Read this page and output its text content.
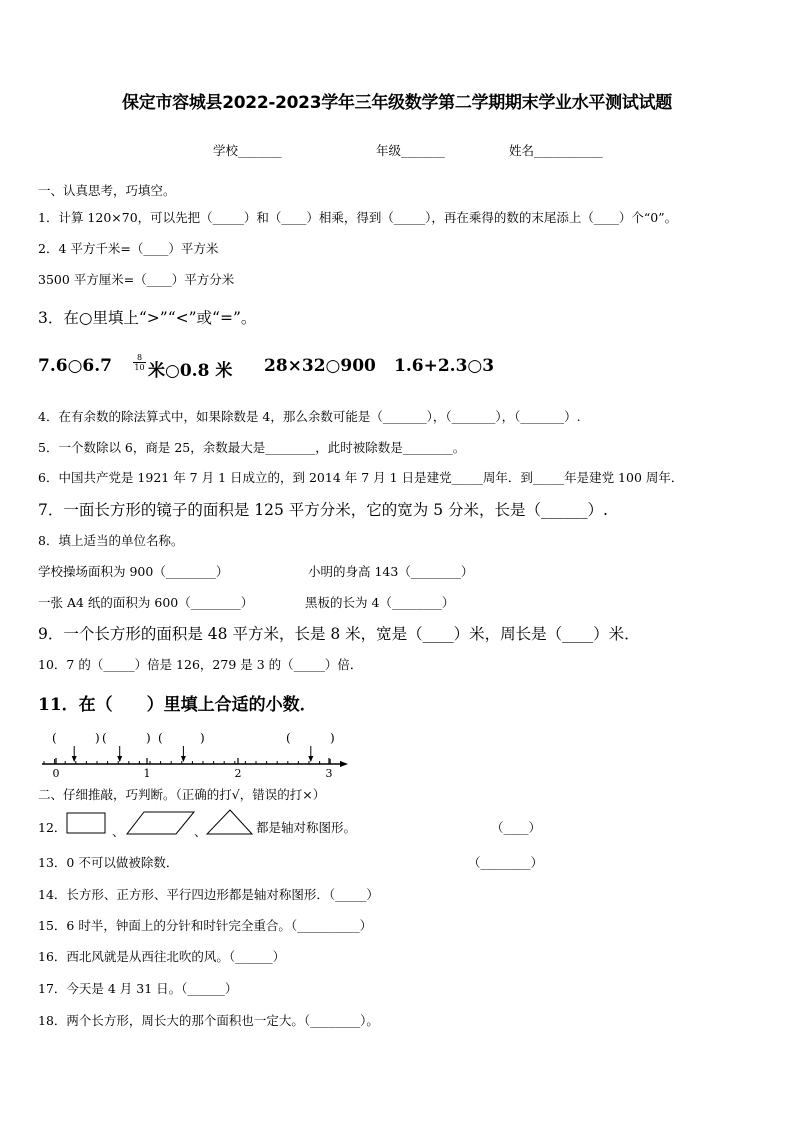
保定市容城县2022-2023学年三年级数学第二学期期末学业水平测试试题
学校_______	年级_______	姓名___________
一、认真思考，巧填空。
1．计算 120×70，可以先把（_____）和（____）相乘，得到（_____），再在乘得的数的末尾添上（____）个“0”。
2．4 平方千米=（____）平方米
3500 平方厘米=（____）平方分米
3．在○里填上“>”“<”或“=”。
7.6○6.7	$\frac{8}{10}$ 米○0.8 米 28×32○900 1.6+2.3○3
4．在有余数的除法算式中，如果除数是 4，那么余数可能是（_______），（_______），（_______）.
5．一个数除以 6，商是 25，余数最大是________，此时被除数是________。
6．中国共产党是 1921 年 7 月 1 日成立的，到 2014 年 7 月 1 日是建党_____周年．到_____年是建党 100 周年．
7．一面长方形的镜子的面积是 125 平方分米，它的宽为 5 分米，长是（______）.
8．填上适当的单位名称。
学校操场面积为 900（________）	小明的身高 143（________）
一张 A4 纸的面积为 600（________）	黑板的长为 4（________）
9．一个长方形的面积是 48 平方米，长是 8 米，宽是（____）米，周长是（____）米．
10．7 的（_____）倍是 126，279 是 3 的（_____）倍．
11．在（　　）里填上合适的小数．
0	1	2	3
(	) (	) (	)	(	)
二、仔细推敲，巧判断。（正确的打√，错误的打×）
12．	、	、	都是轴对称图形。	（____）
13．0 不可以做被除数．	（________）
14．长方形、正方形、平行四边形都是轴对称图形．（_____）
15．6 时半，钟面上的分针和时针完全重合。（__________）
16．西北风就是从西往北吹的风。（______）
17．今天是 4 月 31 日。（______）
18．两个长方形，周长大的那个面积也一定大。（________）。
